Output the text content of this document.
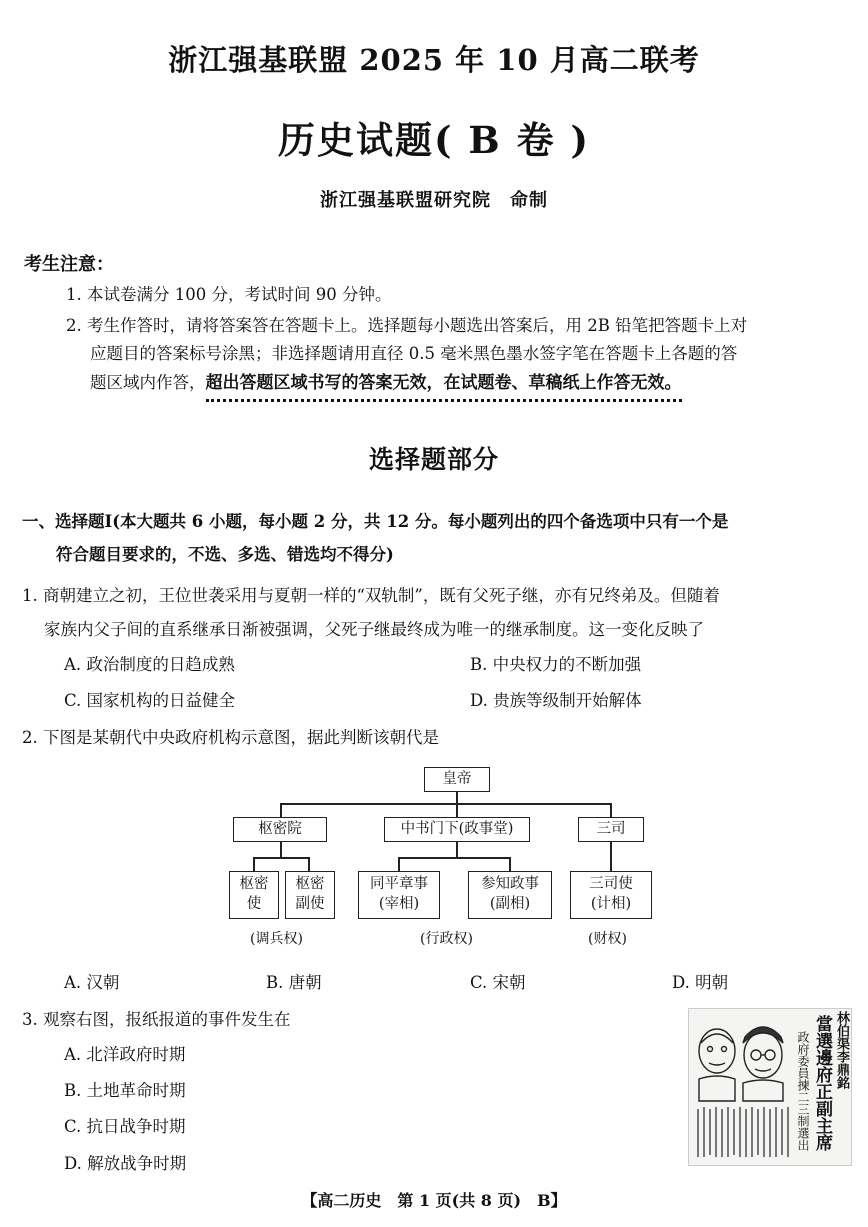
浙江强基联盟 2025 年 10 月高二联考
历史试题( B 卷 )
浙江强基联盟研究院　命制
考生注意：
1. 本试卷满分 100 分，考试时间 90 分钟。
2. 考生作答时，请将答案答在答题卡上。选择题每小题选出答案后，用 2B 铅笔把答题卡上对
应题目的答案标号涂黑；非选择题请用直径 0.5 毫米黑色墨水签字笔在答题卡上各题的答
题区域内作答，超出答题区域书写的答案无效，在试题卷、草稿纸上作答无效。
选择题部分
一、选择题Ⅰ(本大题共 6 小题，每小题 2 分，共 12 分。每小题列出的四个备选项中只有一个是
符合题目要求的，不选、多选、错选均不得分)
1. 商朝建立之初，王位世袭采用与夏朝一样的“双轨制”，既有父死子继，亦有兄终弟及。但随着
家族内父子间的直系继承日渐被强调，父死子继最终成为唯一的继承制度。这一变化反映了
A. 政治制度的日趋成熟	B. 中央权力的不断加强
C. 国家机构的日益健全	D. 贵族等级制开始解体
2. 下图是某朝代中央政府机构示意图，据此判断该朝代是
皇帝
枢密院	中书门下(政事堂)	三司
枢密
使
枢密
副使
同平章事
(宰相)
参知政事
(副相)
三司使
(计相)
(调兵权)	(行政权)	(财权)
A. 汉朝	B. 唐朝	C. 宋朝	D. 明朝
3. 观察右图，报纸报道的事件发生在
A. 北洋政府时期
B. 土地革命时期
C. 抗日战争时期
D. 解放战争时期
林伯渠李鼎銘
當選邊府正副主席
政府委員揀二三制選出
【高二历史　第 1 页(共 8 页)　B】
